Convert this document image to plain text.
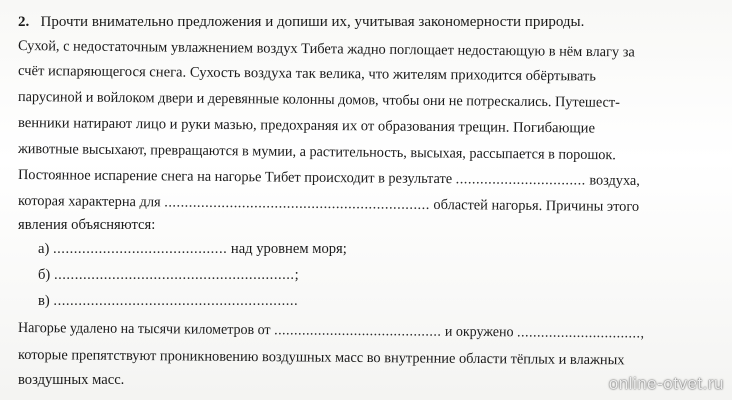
2. Прочти внимательно предложения и допиши их, учитывая закономерности природы.
Сухой, с недостаточным увлажнением воздух Тибета жадно поглощает недостающую в нём влагу за
счёт испаряющегося снега. Сухость воздуха так велика, что жителям приходится обёртывать
парусиной и войлоком двери и деревянные колонны домов, чтобы они не потрескались. Путешест-
венники натирают лицо и руки мазью, предохраняя их от образования трещин. Погибающие
животные высыхают, превращаются в мумии, а растительность, высыхая, рассыпается в порошок.
Постоянное испарение снега на нагорье Тибет происходит в результате ................................ воздуха,
которая характерна для ................................................................. областей нагорья. Причины этого
явления объясняются:
а) .......................................... над уровнем моря;
б) ..........................................................;
в) ...........................................................
Нагорье удалено на тысячи километров от .......................................... и окружено ...............................,
которые препятствуют проникновению воздушных масс во внутренние области тёплых и влажных
воздушных масс.	online-otvet.ru
